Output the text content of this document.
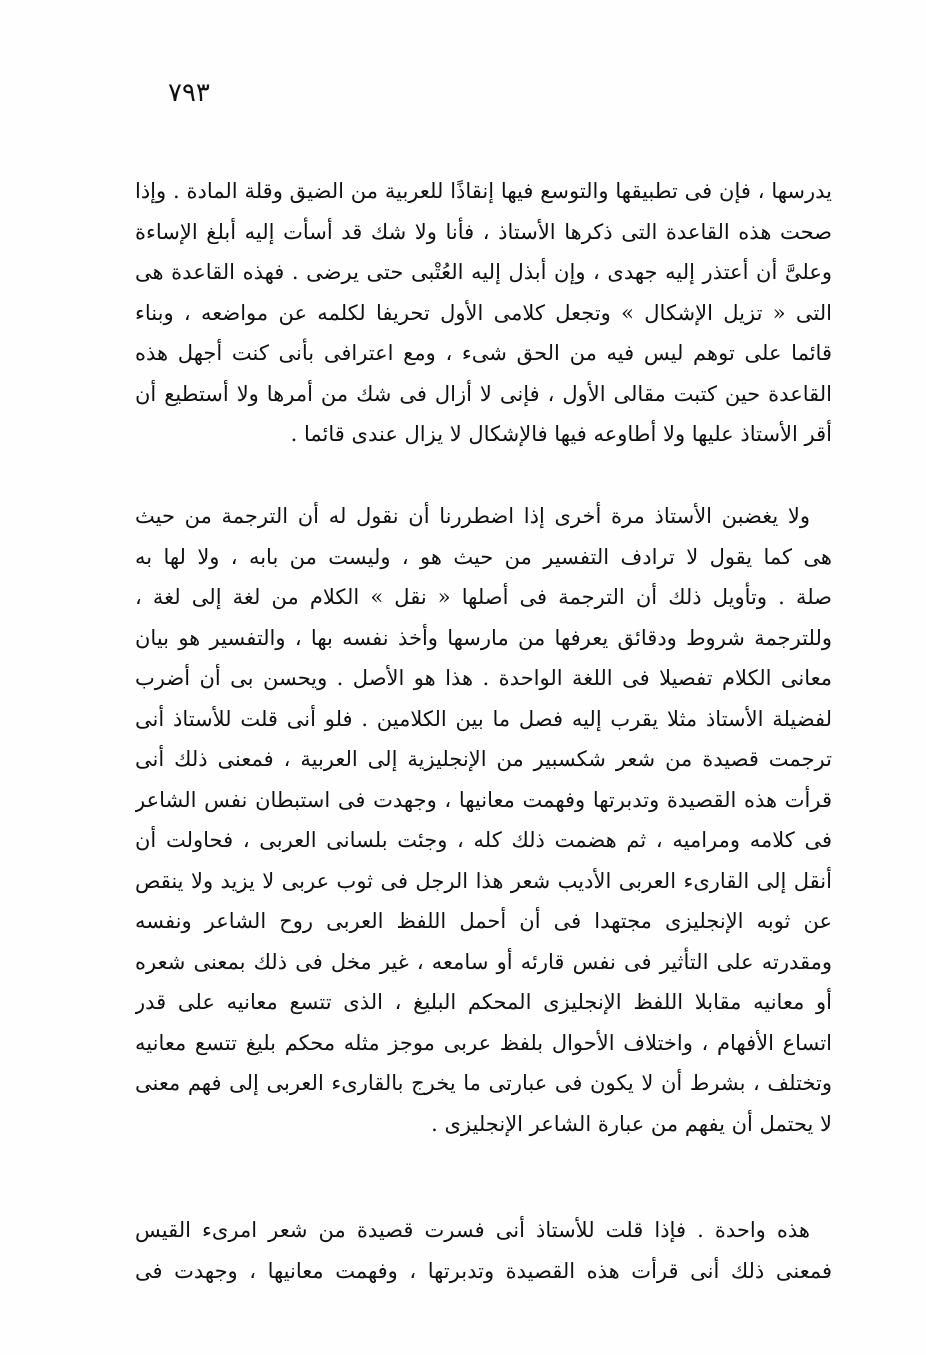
٧٩٣
يدرسها ، فإن فى تطبيقها والتوسع فيها إنقاذًا للعربية من الضيق وقلة المادة . وإذا
صحت هذه القاعدة التى ذكرها الأستاذ ، فأنا ولا شك قد أسأت إليه أبلغ الإساءة
وعلىَّ أن أعتذر إليه جهدى ، وإن أبذل إليه العُتْبى حتى يرضى . فهذه القاعدة هى
التى « تزيل الإشكال » وتجعل كلامى الأول تحريفا لكلمه عن مواضعه ، وبناء
قائما على توهم ليس فيه من الحق شىء ، ومع اعترافى بأنى كنت أجهل هذه
القاعدة حين كتبت مقالى الأول ، فإنى لا أزال فى شك من أمرها ولا أستطيع أن
أقر الأستاذ عليها ولا أطاوعه فيها فالإشكال لا يزال عندى قائما .
ولا يغضبن الأستاذ مرة أخرى إذا اضطررنا أن نقول له أن الترجمة من حيث
هى كما يقول لا ترادف التفسير من حيث هو ، وليست من بابه ، ولا لها به
صلة . وتأويل ذلك أن الترجمة فى أصلها « نقل » الكلام من لغة إلى لغة ،
وللترجمة شروط ودقائق يعرفها من مارسها وأخذ نفسه بها ، والتفسير هو بيان
معانى الكلام تفصيلا فى اللغة الواحدة . هذا هو الأصل . ويحسن بى أن أضرب
لفضيلة الأستاذ مثلا يقرب إليه فصل ما بين الكلامين . فلو أنى قلت للأستاذ أنى
ترجمت قصيدة من شعر شكسبير من الإنجليزية إلى العربية ، فمعنى ذلك أنى
قرأت هذه القصيدة وتدبرتها وفهمت معانيها ، وجهدت فى استبطان نفس الشاعر
فى كلامه ومراميه ، ثم هضمت ذلك كله ، وجئت بلسانى العربى ، فحاولت أن
أنقل إلى القارىء العربى الأديب شعر هذا الرجل فى ثوب عربى لا يزيد ولا ينقص
عن ثوبه الإنجليزى مجتهدا فى أن أحمل اللفظ العربى روح الشاعر ونفسه
ومقدرته على التأثير فى نفس قارئه أو سامعه ، غير مخل فى ذلك بمعنى شعره
أو معانيه مقابلا اللفظ الإنجليزى المحكم البليغ ، الذى تتسع معانيه على قدر
اتساع الأفهام ، واختلاف الأحوال بلفظ عربى موجز مثله محكم بليغ تتسع معانيه
وتختلف ، بشرط أن لا يكون فى عبارتى ما يخرج بالقارىء العربى إلى فهم معنى
لا يحتمل أن يفهم من عبارة الشاعر الإنجليزى .
هذه واحدة . فإذا قلت للأستاذ أنى فسرت قصيدة من شعر امرىء القيس
فمعنى ذلك أنى قرأت هذه القصيدة وتدبرتها ، وفهمت معانيها ، وجهدت فى
